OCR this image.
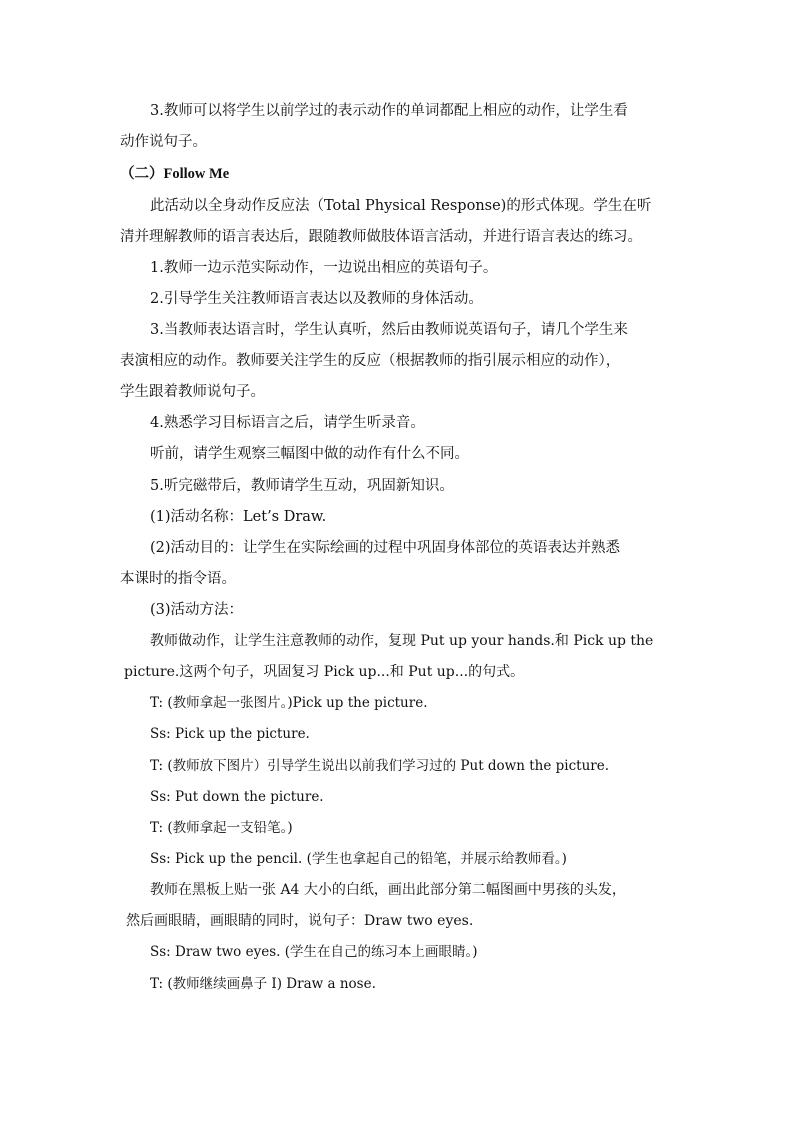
3.教师可以将学生以前学过的表示动作的单词都配上相应的动作，让学生看
动作说句子。
（二）Follow Me
此活动以全身动作反应法（Total Physical Response)的形式体现。学生在听
清并理解教师的语言表达后，跟随教师做肢体语言活动，并进行语言表达的练习。
1.教师一边示范实际动作，一边说出相应的英语句子。
2.引导学生关注教师语言表达以及教师的身体活动。
3.当教师表达语言时，学生认真听，然后由教师说英语句子，请几个学生来
表演相应的动作。教师要关注学生的反应（根据教师的指引展示相应的动作），
学生跟着教师说句子。
4.熟悉学习目标语言之后，请学生听录音。
听前，请学生观察三幅图中做的动作有什么不同。
5.听完磁带后，教师请学生互动，巩固新知识。
(1)活动名称：Let’s Draw.
(2)活动目的：让学生在实际绘画的过程中巩固身体部位的英语表达并熟悉
本课时的指令语。
(3)活动方法：
教师做动作，让学生注意教师的动作，复现 Put up your hands.和 Pick up the
picture.这两个句子，巩固复习 Pick up...和 Put up...的句式。
T: (教师拿起一张图片。)Pick up the picture.
Ss: Pick up the picture.
T: (教师放下图片）引导学生说出以前我们学习过的 Put down the picture.
Ss: Put down the picture.
T: (教师拿起一支铅笔。)
Ss: Pick up the pencil. (学生也拿起自己的铅笔，并展示给教师看。)
教师在黑板上贴一张 A4 大小的白纸，画出此部分第二幅图画中男孩的头发，
然后画眼睛，画眼睛的同时，说句子：Draw two eyes.
Ss: Draw two eyes. (学生在自己的练习本上画眼睛。)
T: (教师继续画鼻子 I) Draw a nose.
